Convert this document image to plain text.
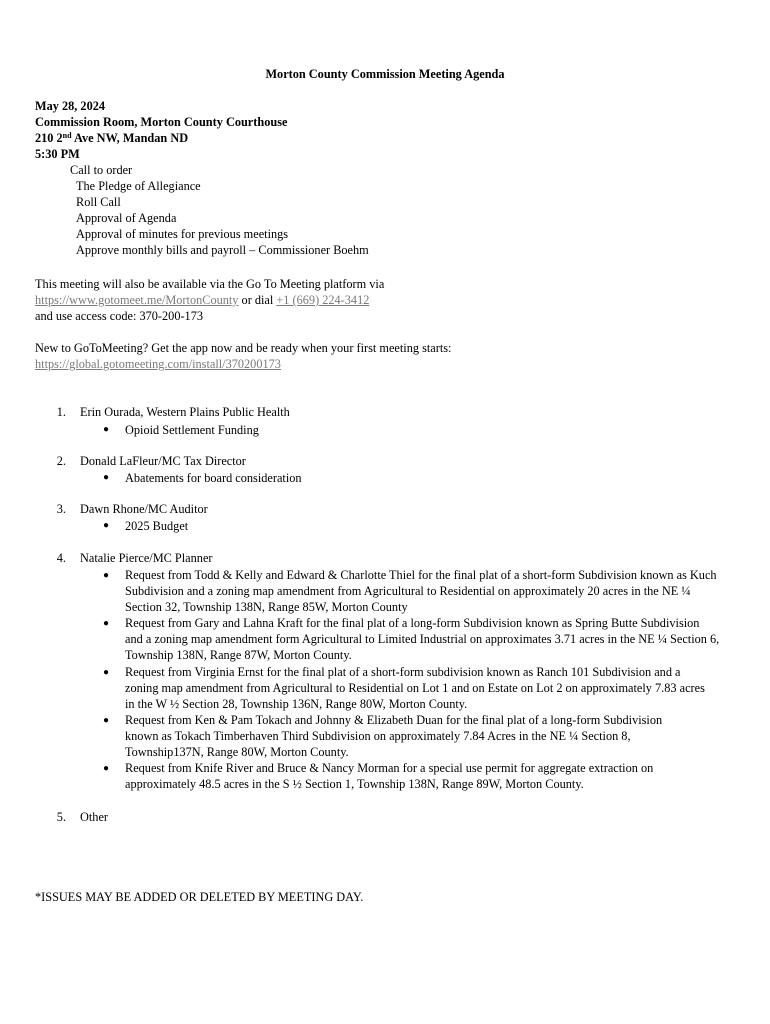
Morton County Commission Meeting Agenda
May 28, 2024
Commission Room, Morton County Courthouse
210 2nd Ave NW, Mandan ND
5:30 PM
Call to order
The Pledge of Allegiance
Roll Call
Approval of Agenda
Approval of minutes for previous meetings
Approve monthly bills and payroll – Commissioner Boehm
This meeting will also be available via the Go To Meeting platform via
https://www.gotomeet.me/MortonCounty or dial +1 (669) 224-3412
and use access code: 370-200-173
New to GoToMeeting? Get the app now and be ready when your first meeting starts:
https://global.gotomeeting.com/install/370200173
1. Erin Ourada, Western Plains Public Health
● Opioid Settlement Funding
2. Donald LaFleur/MC Tax Director
● Abatements for board consideration
3. Dawn Rhone/MC Auditor
● 2025 Budget
4. Natalie Pierce/MC Planner
● Request from Todd & Kelly and Edward & Charlotte Thiel for the final plat of a short-form Subdivision known as Kuch Subdivision and a zoning map amendment from Agricultural to Residential on approximately 20 acres in the NE ¼ Section 32, Township 138N, Range 85W, Morton County
● Request from Gary and Lahna Kraft for the final plat of a long-form Subdivision known as Spring Butte Subdivision and a zoning map amendment form Agricultural to Limited Industrial on approximates 3.71 acres in the NE ¼ Section 6, Township 138N, Range 87W, Morton County.
● Request from Virginia Ernst for the final plat of a short-form subdivision known as Ranch 101 Subdivision and a zoning map amendment from Agricultural to Residential on Lot 1 and on Estate on Lot 2 on approximately 7.83 acres in the W ½ Section 28, Township 136N, Range 80W, Morton County.
● Request from Ken & Pam Tokach and Johnny & Elizabeth Duan for the final plat of a long-form Subdivision known as Tokach Timberhaven Third Subdivision on approximately 7.84 Acres in the NE ¼ Section 8, Township137N, Range 80W, Morton County.
● Request from Knife River and Bruce & Nancy Morman for a special use permit for aggregate extraction on approximately 48.5 acres in the S ½ Section 1, Township 138N, Range 89W, Morton County.
5. Other
*ISSUES MAY BE ADDED OR DELETED BY MEETING DAY.
